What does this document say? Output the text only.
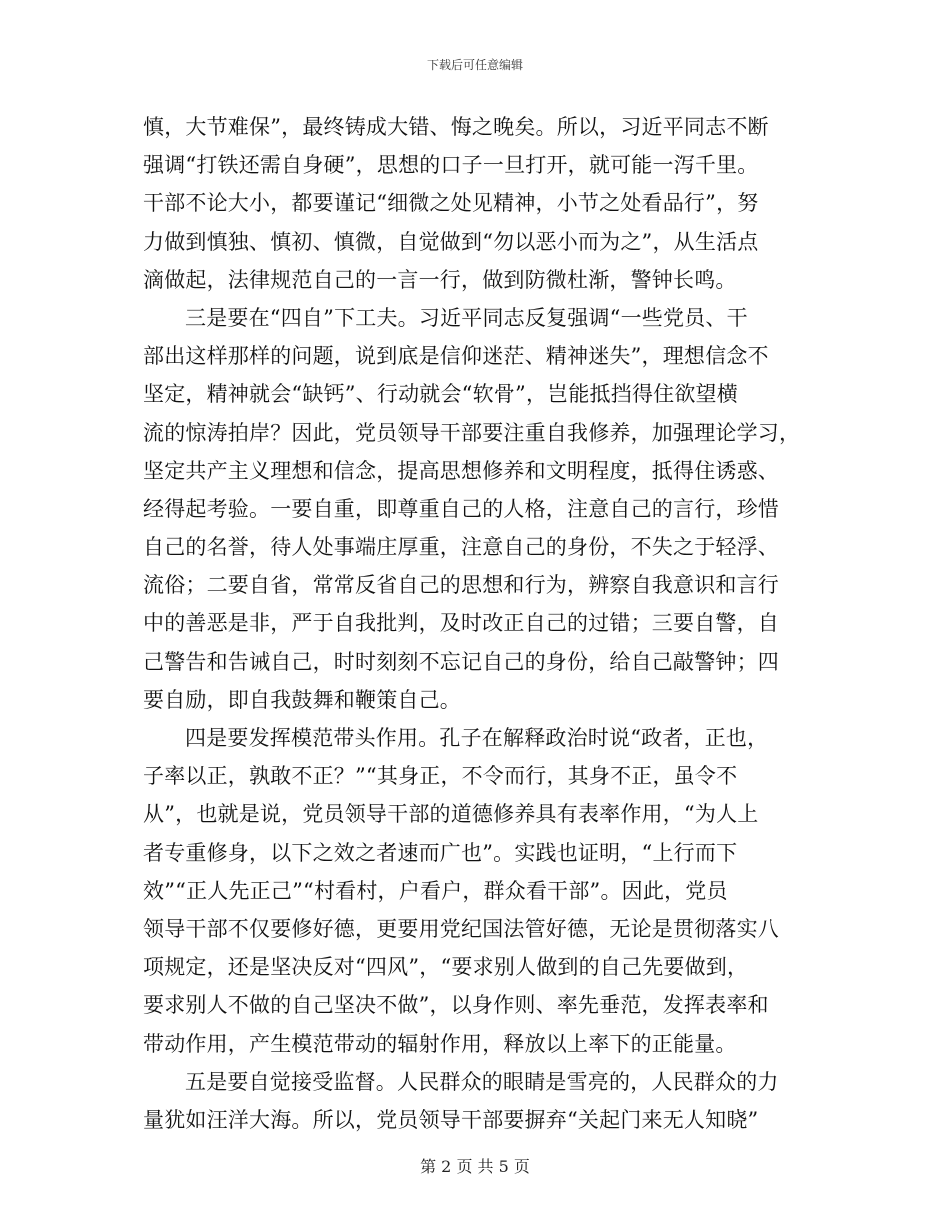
下载后可任意编辑
慎，大节难保”，最终铸成大错、悔之晚矣。所以，习近平同志不断
强调“打铁还需自身硬”，思想的口子一旦打开，就可能一泻千里。
干部不论大小，都要谨记“细微之处见精神，小节之处看品行”，努
力做到慎独、慎初、慎微，自觉做到“勿以恶小而为之”，从生活点
滴做起，法律规范自己的一言一行，做到防微杜渐，警钟长鸣。
三是要在“四自”下工夫。习近平同志反复强调“一些党员、干
部出这样那样的问题，说到底是信仰迷茫、精神迷失”，理想信念不
坚定，精神就会“缺钙”、行动就会“软骨”，岂能抵挡得住欲望横
流的惊涛拍岸？因此，党员领导干部要注重自我修养，加强理论学习，
坚定共产主义理想和信念，提高思想修养和文明程度，抵得住诱惑、
经得起考验。一要自重，即尊重自己的人格，注意自己的言行，珍惜
自己的名誉，待人处事端庄厚重，注意自己的身份，不失之于轻浮、
流俗；二要自省，常常反省自己的思想和行为，辨察自我意识和言行
中的善恶是非，严于自我批判，及时改正自己的过错；三要自警，自
己警告和告诫自己，时时刻刻不忘记自己的身份，给自己敲警钟；四
要自励，即自我鼓舞和鞭策自己。
四是要发挥模范带头作用。孔子在解释政治时说“政者，正也，
子率以正，孰敢不正？”“其身正，不令而行，其身不正，虽令不
从”，也就是说，党员领导干部的道德修养具有表率作用，“为人上
者专重修身，以下之效之者速而广也”。实践也证明，“上行而下
效”“正人先正己”“村看村，户看户，群众看干部”。因此，党员
领导干部不仅要修好德，更要用党纪国法管好德，无论是贯彻落实八
项规定，还是坚决反对“四风”，“要求别人做到的自己先要做到，
要求别人不做的自己坚决不做”，以身作则、率先垂范，发挥表率和
带动作用，产生模范带动的辐射作用，释放以上率下的正能量。
五是要自觉接受监督。人民群众的眼睛是雪亮的，人民群众的力
量犹如汪洋大海。所以，党员领导干部要摒弃“关起门来无人知晓”
第 2 页 共 5 页
